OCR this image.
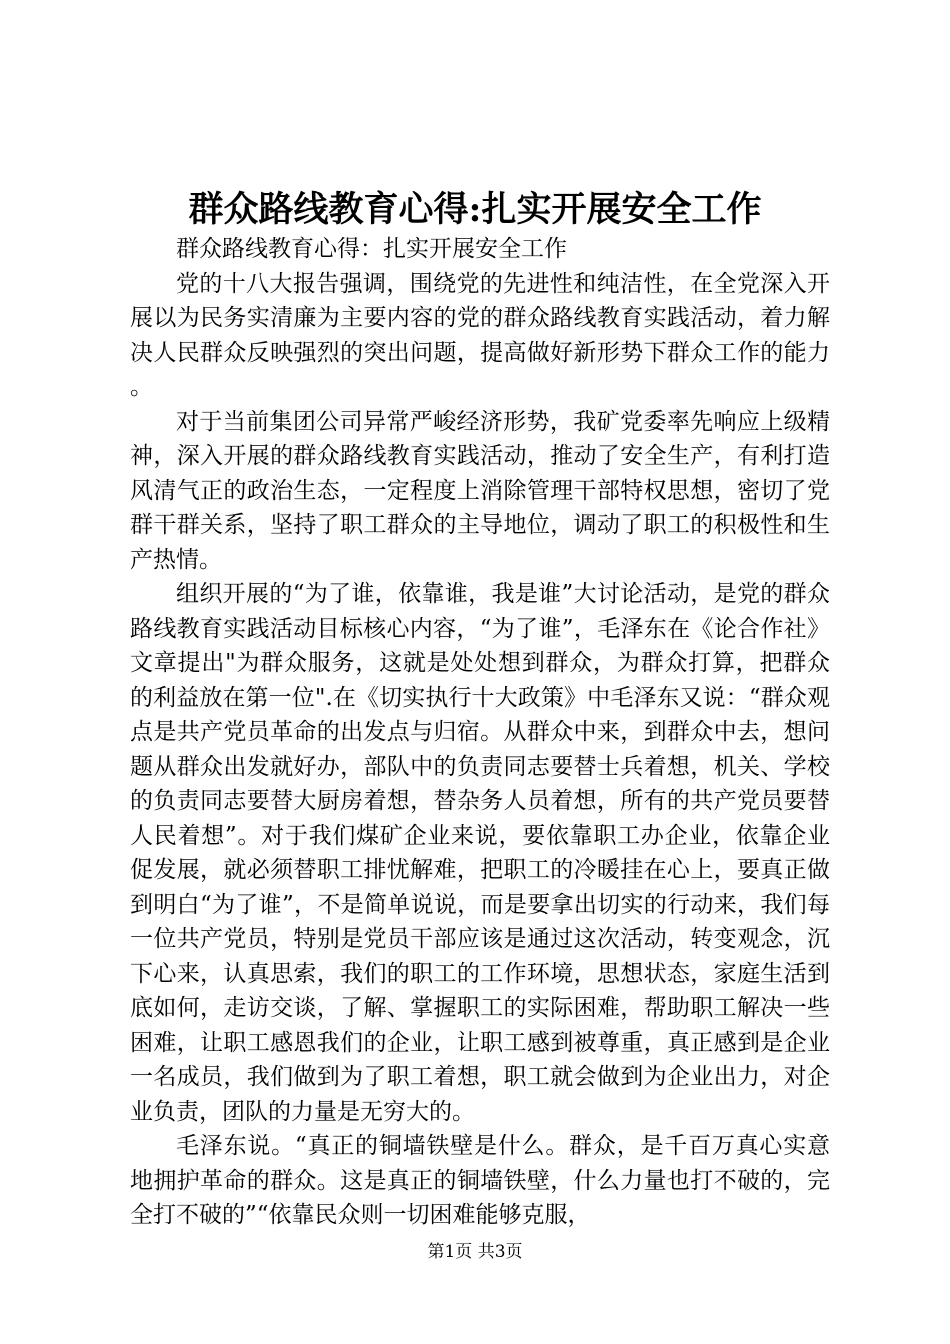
群众路线教育心得:扎实开展安全工作

群众路线教育心得：扎实开展安全工作

党的十八大报告强调，围绕党的先进性和纯洁性，在全党深入开展以为民务实清廉为主要内容的党的群众路线教育实践活动，着力解决人民群众反映强烈的突出问题，提高做好新形势下群众工作的能力。

对于当前集团公司异常严峻经济形势，我矿党委率先响应上级精神，深入开展的群众路线教育实践活动，推动了安全生产，有利打造风清气正的政治生态，一定程度上消除管理干部特权思想，密切了党群干群关系，坚持了职工群众的主导地位，调动了职工的积极性和生产热情。

组织开展的“为了谁，依靠谁，我是谁”大讨论活动，是党的群众路线教育实践活动目标核心内容，“为了谁”，毛泽东在《论合作社》文章提出"为群众服务，这就是处处想到群众，为群众打算，把群众的利益放在第一位".在《切实执行十大政策》中毛泽东又说：“群众观点是共产党员革命的出发点与归宿。从群众中来，到群众中去，想问题从群众出发就好办，部队中的负责同志要替士兵着想，机关、学校的负责同志要替大厨房着想，替杂务人员着想，所有的共产党员要替人民着想”。对于我们煤矿企业来说，要依靠职工办企业，依靠企业促发展，就必须替职工排忧解难，把职工的冷暖挂在心上，要真正做到明白“为了谁”，不是简单说说，而是要拿出切实的行动来，我们每一位共产党员，特别是党员干部应该是通过这次活动，转变观念，沉下心来，认真思索，我们的职工的工作环境，思想状态，家庭生活到底如何，走访交谈，了解、掌握职工的实际困难，帮助职工解决一些困难，让职工感恩我们的企业，让职工感到被尊重，真正感到是企业一名成员，我们做到为了职工着想，职工就会做到为企业出力，对企业负责，团队的力量是无穷大的。

毛泽东说。“真正的铜墙铁壁是什么。群众，是千百万真心实意地拥护革命的群众。这是真正的铜墙铁壁，什么力量也打不破的，完全打不破的”“依靠民众则一切困难能够克服，

第1页 共3页
